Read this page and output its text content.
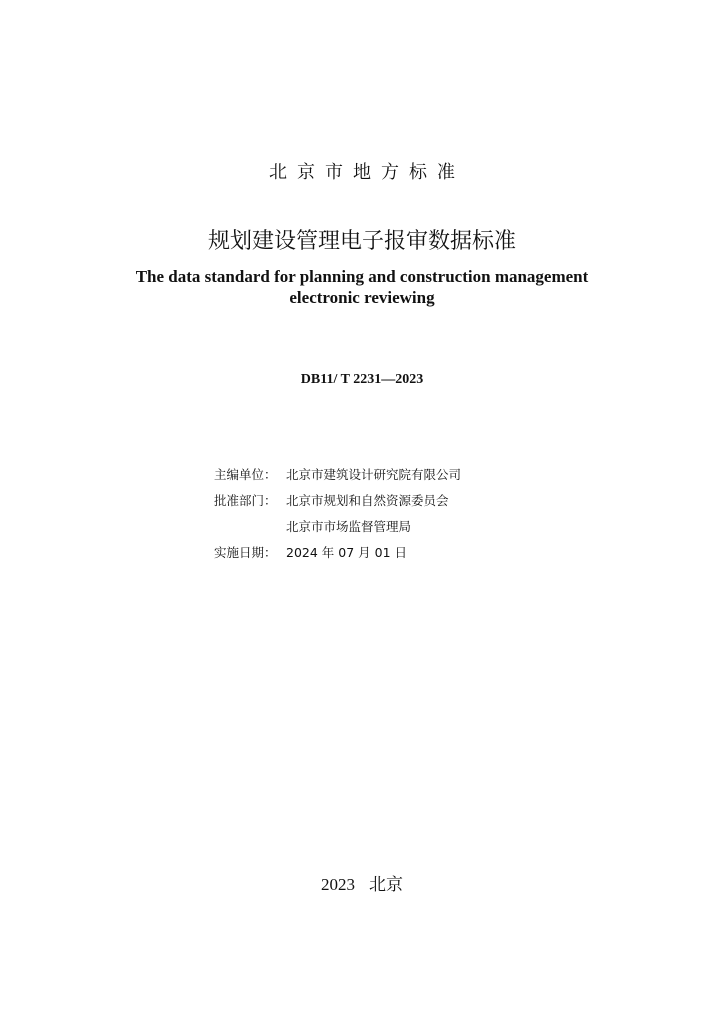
北京市地方标准
规划建设管理电子报审数据标准
The data standard for planning and construction management
electronic reviewing
DB11/ T 2231—2023
主编单位： 北京市建筑设计研究院有限公司
批准部门： 北京市规划和自然资源委员会
北京市市场监督管理局
实施日期： 2024 年 07 月 01 日
2023 北京
